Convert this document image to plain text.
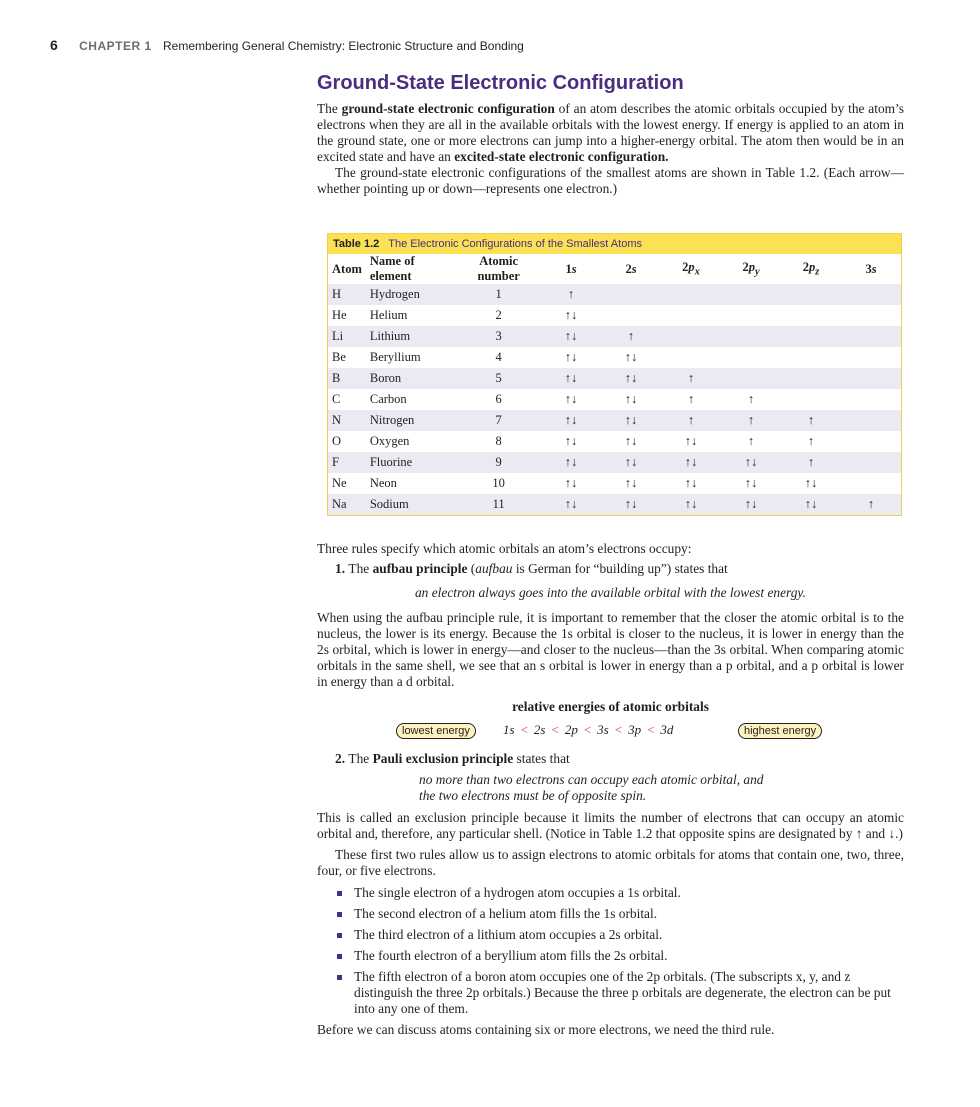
6 CHAPTER 1 Remembering General Chemistry: Electronic Structure and Bonding
Ground-State Electronic Configuration

The ground-state electronic configuration of an atom describes the atomic orbitals occupied by the atom’s electrons when they are all in the available orbitals with the lowest energy. If energy is applied to an atom in the ground state, one or more electrons can jump into a higher-energy orbital. The atom then would be in an excited state and have an excited-state electronic configuration.

The ground-state electronic configurations of the smallest atoms are shown in Table 1.2. (Each arrow—whether pointing up or down—represents one electron.)

Table 1.2 The Electronic Configurations of the Smallest Atoms
Atom	Name of element	Atomic number	1s	2s	$2p_x$	$2p_y$	$2p_z$	3s
H	Hydrogen	1	↑					
He	Helium	2	↑↓					
Li	Lithium	3	↑↓	↑				
Be	Beryllium	4	↑↓	↑↓				
B	Boron	5	↑↓	↑↓	↑			
C	Carbon	6	↑↓	↑↓	↑	↑		
N	Nitrogen	7	↑↓	↑↓	↑	↑	↑	
O	Oxygen	8	↑↓	↑↓	↑↓	↑	↑	
F	Fluorine	9	↑↓	↑↓	↑↓	↑↓	↑	
Ne	Neon	10	↑↓	↑↓	↑↓	↑↓	↑↓	
Na	Sodium	11	↑↓	↑↓	↑↓	↑↓	↑↓	↑

Three rules specify which atomic orbitals an atom’s electrons occupy:

1. The aufbau principle (aufbau is German for “building up”) states that
an electron always goes into the available orbital with the lowest energy.

When using the aufbau principle rule, it is important to remember that the closer the atomic orbital is to the nucleus, the lower is its energy. Because the 1s orbital is closer to the nucleus, it is lower in energy than the 2s orbital, which is lower in energy—and closer to the nucleus—than the 3s orbital. When comparing atomic orbitals in the same shell, we see that an s orbital is lower in energy than a p orbital, and a p orbital is lower in energy than a d orbital.

relative energies of atomic orbitals
lowest energy	1s < 2s < 2p < 3s < 3p < 3d	highest energy
2. The Pauli exclusion principle states that
no more than two electrons can occupy each atomic orbital, and
the two electrons must be of opposite spin.

This is called an exclusion principle because it limits the number of electrons that can occupy an atomic orbital and, therefore, any particular shell. (Notice in Table 1.2 that opposite spins are designated by ↑ and ↓.)

These first two rules allow us to assign electrons to atomic orbitals for atoms that contain one, two, three, four, or five electrons.

The single electron of a hydrogen atom occupies a 1s orbital.
The second electron of a helium atom fills the 1s orbital.
The third electron of a lithium atom occupies a 2s orbital.
The fourth electron of a beryllium atom fills the 2s orbital.
The fifth electron of a boron atom occupies one of the 2p orbitals. (The subscripts x, y, and z distinguish the three 2p orbitals.) Because the three p orbitals are degenerate, the electron can be put into any one of them.

Before we can discuss atoms containing six or more electrons, we need the third rule.
